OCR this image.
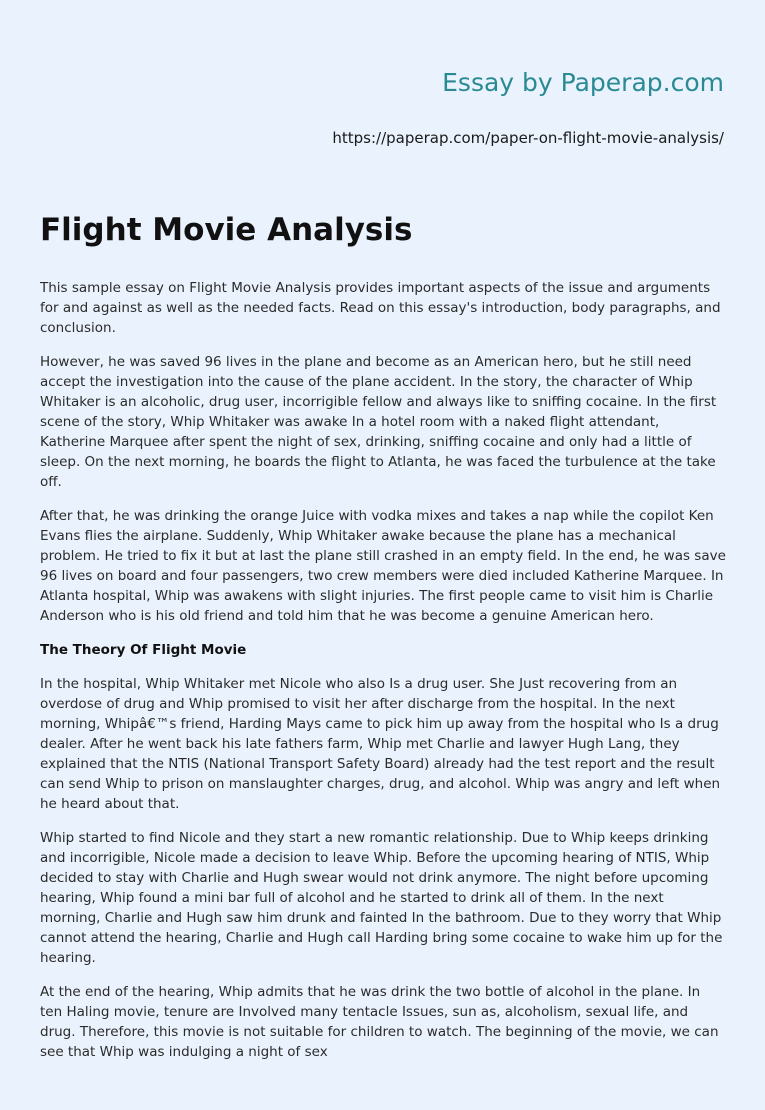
Essay by Paperap.com
https://paperap.com/paper-on-flight-movie-analysis/
Flight Movie Analysis

This sample essay on Flight Movie Analysis provides important aspects of the issue and arguments for and against as well as the needed facts. Read on this essay's introduction, body paragraphs, and conclusion.

However, he was saved 96 lives in the plane and become as an American hero, but he still need accept the investigation into the cause of the plane accident. In the story, the character of Whip Whitaker is an alcoholic, drug user, incorrigible fellow and always like to sniffing cocaine. In the first scene of the story, Whip Whitaker was awake In a hotel room with a naked flight attendant, Katherine Marquee after spent the night of sex, drinking, sniffing cocaine and only had a little of sleep. On the next morning, he boards the flight to Atlanta, he was faced the turbulence at the take off.

After that, he was drinking the orange Juice with vodka mixes and takes a nap while the copilot Ken Evans flies the airplane. Suddenly, Whip Whitaker awake because the plane has a mechanical problem. He tried to fix it but at last the plane still crashed in an empty field. In the end, he was save 96 lives on board and four passengers, two crew members were died included Katherine Marquee. In Atlanta hospital, Whip was awakens with slight injuries. The first people came to visit him is Charlie Anderson who is his old friend and told him that he was become a genuine American hero.

The Theory Of Flight Movie

In the hospital, Whip Whitaker met Nicole who also Is a drug user. She Just recovering from an overdose of drug and Whip promised to visit her after discharge from the hospital. In the next morning, Whipâ€™s friend, Harding Mays came to pick him up away from the hospital who Is a drug dealer. After he went back his late fathers farm, Whip met Charlie and lawyer Hugh Lang, they explained that the NTIS (National Transport Safety Board) already had the test report and the result can send Whip to prison on manslaughter charges, drug, and alcohol. Whip was angry and left when he heard about that.

Whip started to find Nicole and they start a new romantic relationship. Due to Whip keeps drinking and incorrigible, Nicole made a decision to leave Whip. Before the upcoming hearing of NTIS, Whip decided to stay with Charlie and Hugh swear would not drink anymore. The night before upcoming hearing, Whip found a mini bar full of alcohol and he started to drink all of them. In the next morning, Charlie and Hugh saw him drunk and fainted In the bathroom. Due to they worry that Whip cannot attend the hearing, Charlie and Hugh call Harding bring some cocaine to wake him up for the hearing.

At the end of the hearing, Whip admits that he was drink the two bottle of alcohol in the plane. In ten Haling movie, tenure are Involved many tentacle Issues, sun as, alcoholism, sexual life, and drug. Therefore, this movie is not suitable for children to watch. The beginning of the movie, we can see that Whip was indulging a night of sex
